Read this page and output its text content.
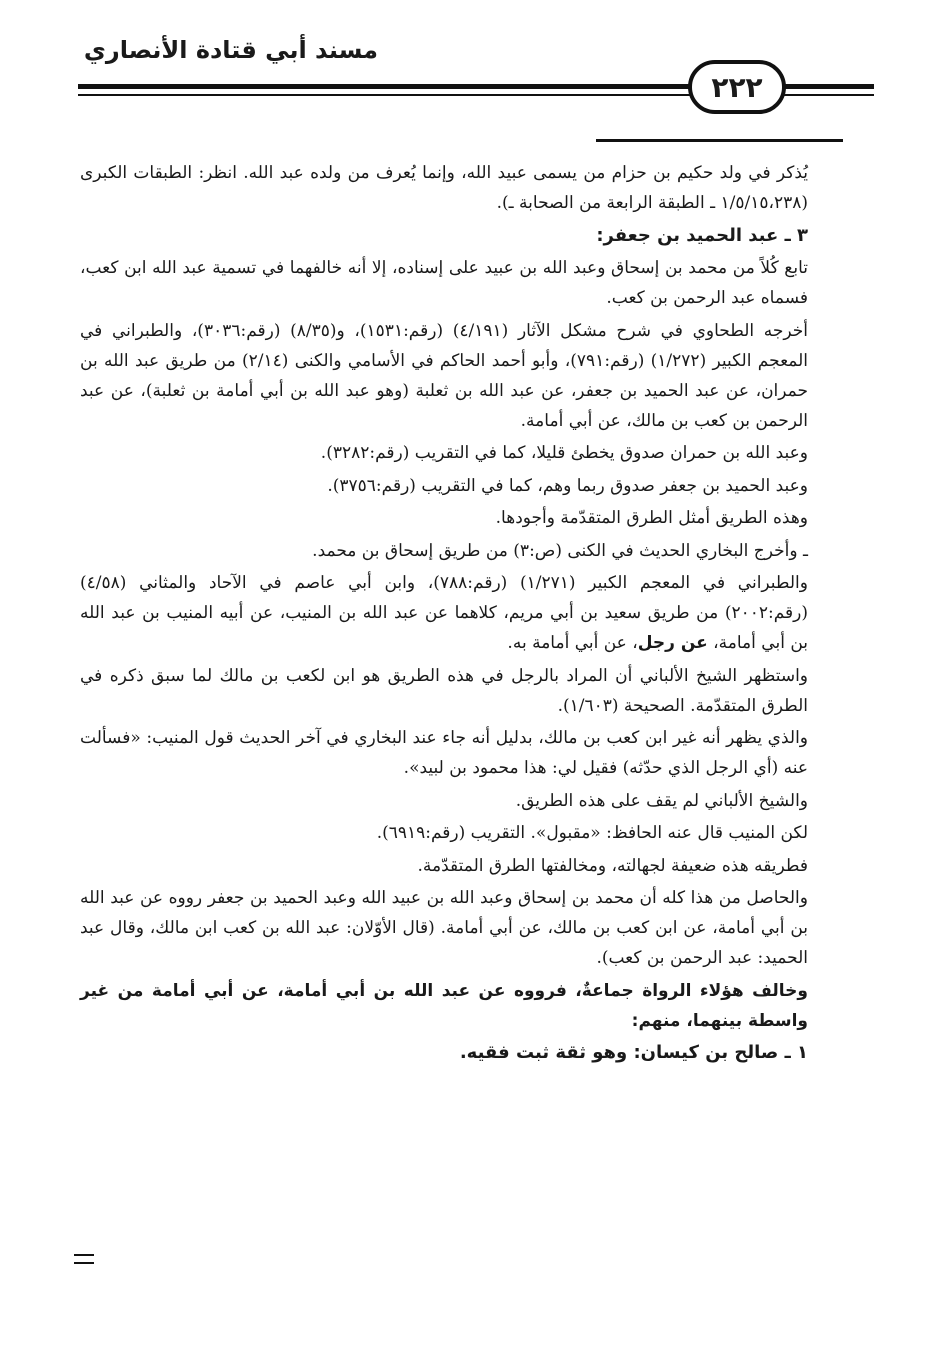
مسند أبي قتادة الأنصاري
٢٢٢

يُذكر في ولد حكيم بن حزام من يسمى عبيد الله، وإنما يُعرف من ولده عبد الله. انظر: الطبقات الكبرى (١/٥/١٥،٢٣٨ ـ الطبقة الرابعة من الصحابة ـ).

٣ ـ عبد الحميد بن جعفر:

تابع كُلاً من محمد بن إسحاق وعبد الله بن عبيد على إسناده، إلا أنه خالفهما في تسمية عبد الله ابن كعب، فسماه عبد الرحمن بن كعب.

أخرجه الطحاوي في شرح مشكل الآثار (٤/١٩١) (رقم:١٥٣١)، و(٨/٣٥) (رقم:٣٠٣٦)، والطبراني في المعجم الكبير (١/٢٧٢) (رقم:٧٩١)، وأبو أحمد الحاكم في الأسامي والكنى (٢/١٤) من طريق عبد الله بن حمران، عن عبد الحميد بن جعفر، عن عبد الله بن ثعلبة (وهو عبد الله بن أبي أمامة بن ثعلبة)، عن عبد الرحمن بن كعب بن مالك، عن أبي أمامة.

وعبد الله بن حمران صدوق يخطئ قليلا، كما في التقريب (رقم:٣٢٨٢).

وعبد الحميد بن جعفر صدوق ربما وهم، كما في التقريب (رقم:٣٧٥٦).

وهذه الطريق أمثل الطرق المتقدّمة وأجودها.

ـ وأخرج البخاري الحديث في الكنى (ص:٣) من طريق إسحاق بن محمد.

والطبراني في المعجم الكبير (١/٢٧١) (رقم:٧٨٨)، وابن أبي عاصم في الآحاد والمثاني (٤/٥٨) (رقم:٢٠٠٢) من طريق سعيد بن أبي مريم، كلاهما عن عبد الله بن المنيب، عن أبيه المنيب بن عبد الله بن أبي أمامة، عن رجل، عن أبي أمامة به.

واستظهر الشيخ الألباني أن المراد بالرجل في هذه الطريق هو ابن لكعب بن مالك لما سبق ذكره في الطرق المتقدّمة. الصحيحة (١/٦٠٣).

والذي يظهر أنه غير ابن كعب بن مالك، بدليل أنه جاء عند البخاري في آخر الحديث قول المنيب: «فسألت عنه (أي الرجل الذي حدّثه) فقيل لي: هذا محمود بن لبيد».

والشيخ الألباني لم يقف على هذه الطريق.

لكن المنيب قال عنه الحافظ: «مقبول». التقريب (رقم:٦٩١٩).

فطريقه هذه ضعيفة لجهالته، ومخالفتها الطرق المتقدّمة.

والحاصل من هذا كله أن محمد بن إسحاق وعبد الله بن عبيد الله وعبد الحميد بن جعفر رووه عن عبد الله بن أبي أمامة، عن ابن كعب بن مالك، عن أبي أمامة. (قال الأوّلان: عبد الله بن كعب ابن مالك، وقال عبد الحميد: عبد الرحمن بن كعب).

وخالف هؤلاء الرواة جماعةٌ، فرووه عن عبد الله بن أبي أمامة، عن أبي أمامة من غير واسطة بينهما، منهم:

١ ـ صالح بن كيسان: وهو ثقة ثبت فقيه.
